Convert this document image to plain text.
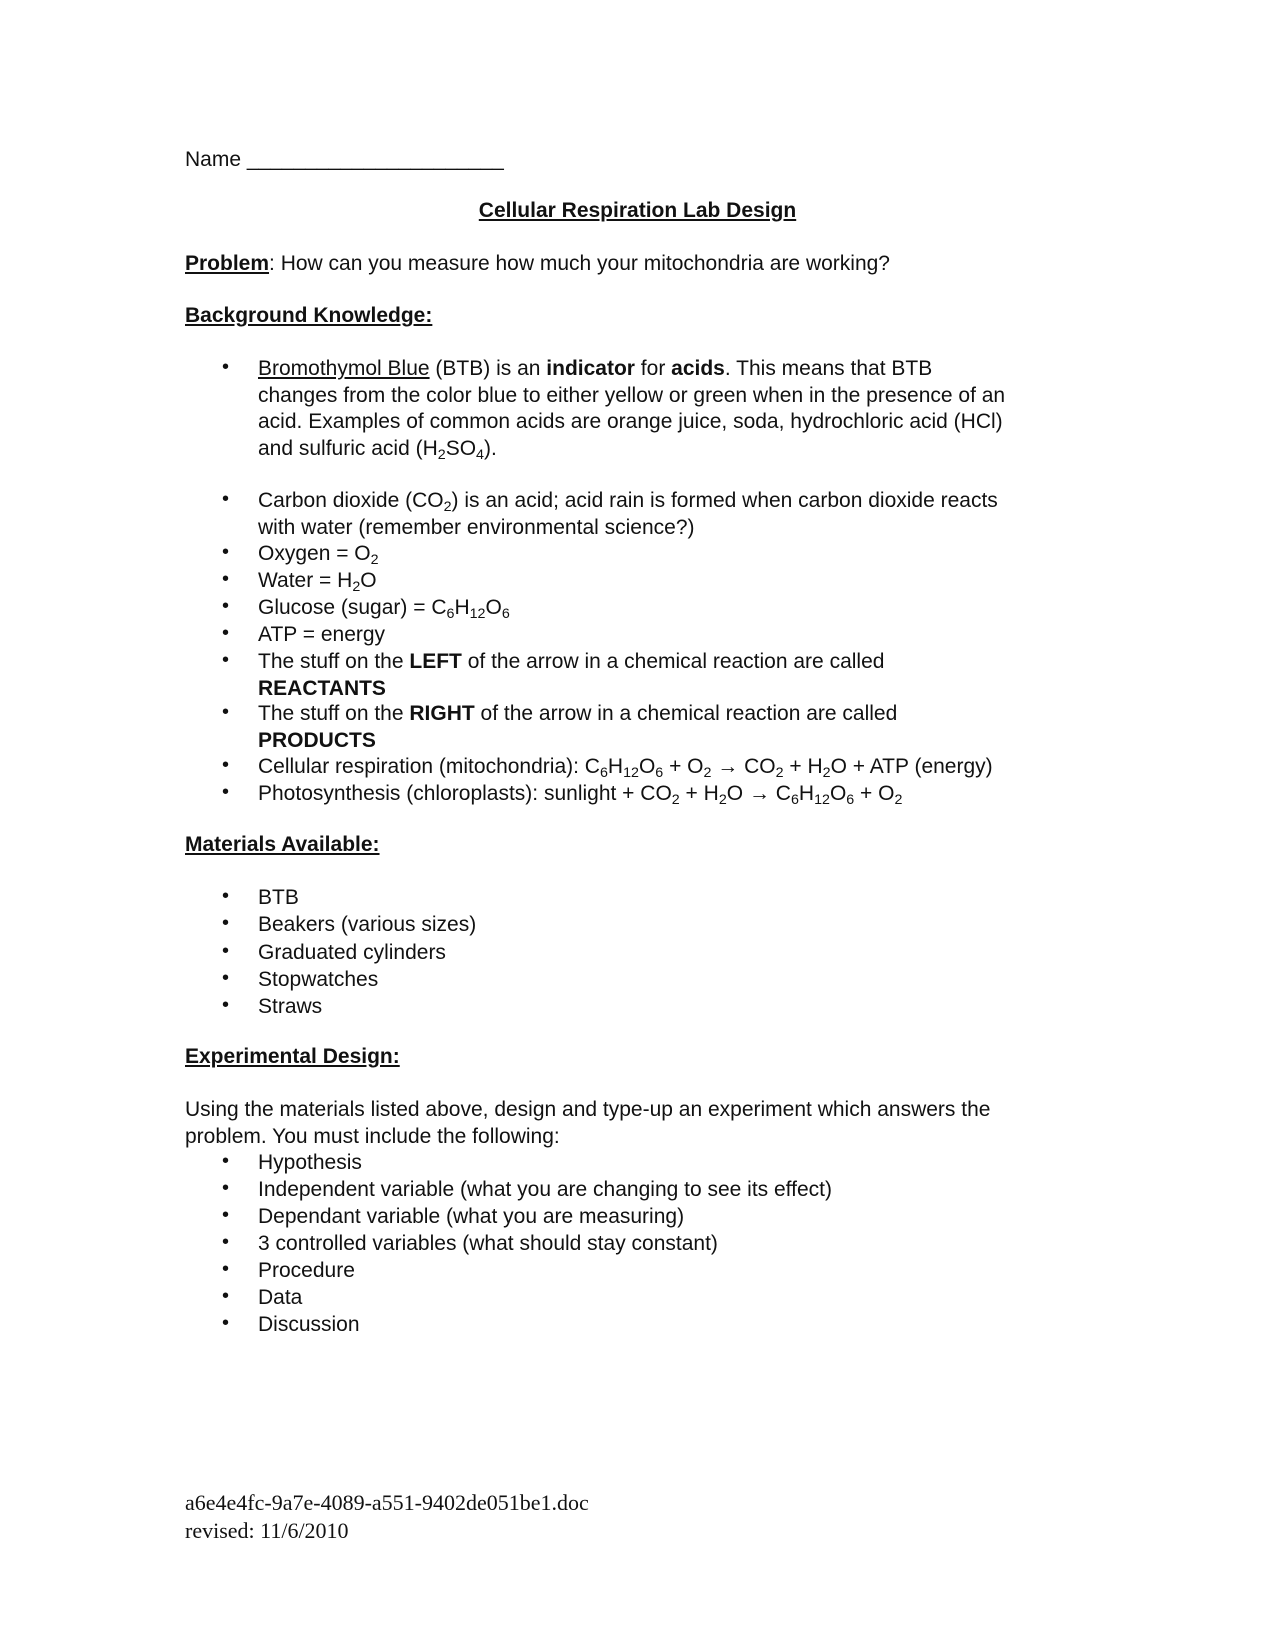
Name ______________________
Cellular Respiration Lab Design
Problem: How can you measure how much your mitochondria are working?
Background Knowledge:
• Bromothymol Blue (BTB) is an indicator for acids. This means that BTB
changes from the color blue to either yellow or green when in the presence of an
acid. Examples of common acids are orange juice, soda, hydrochloric acid (HCl)
and sulfuric acid $(H_2SO_4)$.
• Carbon dioxide $(CO_2)$ is an acid; acid rain is formed when carbon dioxide reacts
with water (remember environmental science?)
• Oxygen = $O_2$
• Water = $H_2O$
• Glucose (sugar) = $C_6H_{12}O_6$
• ATP = energy
• The stuff on the LEFT of the arrow in a chemical reaction are called
REACTANTS
• The stuff on the RIGHT of the arrow in a chemical reaction are called
PRODUCTS
• Cellular respiration (mitochondria): $C_6H_{12}O_6 + O_2 \to CO_2 + H_2O$ + ATP (energy)
• Photosynthesis (chloroplasts): sunlight + $CO_2 + H_2O \to C_6H_{12}O_6 + O_2$
Materials Available:
• BTB
• Beakers (various sizes)
• Graduated cylinders
• Stopwatches
• Straws
Experimental Design:
Using the materials listed above, design and type-up an experiment which answers the
problem. You must include the following:
• Hypothesis
• Independent variable (what you are changing to see its effect)
• Dependant variable (what you are measuring)
• 3 controlled variables (what should stay constant)
• Procedure
• Data
• Discussion
a6e4e4fc-9a7e-4089-a551-9402de051be1.doc
revised: 11/6/2010
